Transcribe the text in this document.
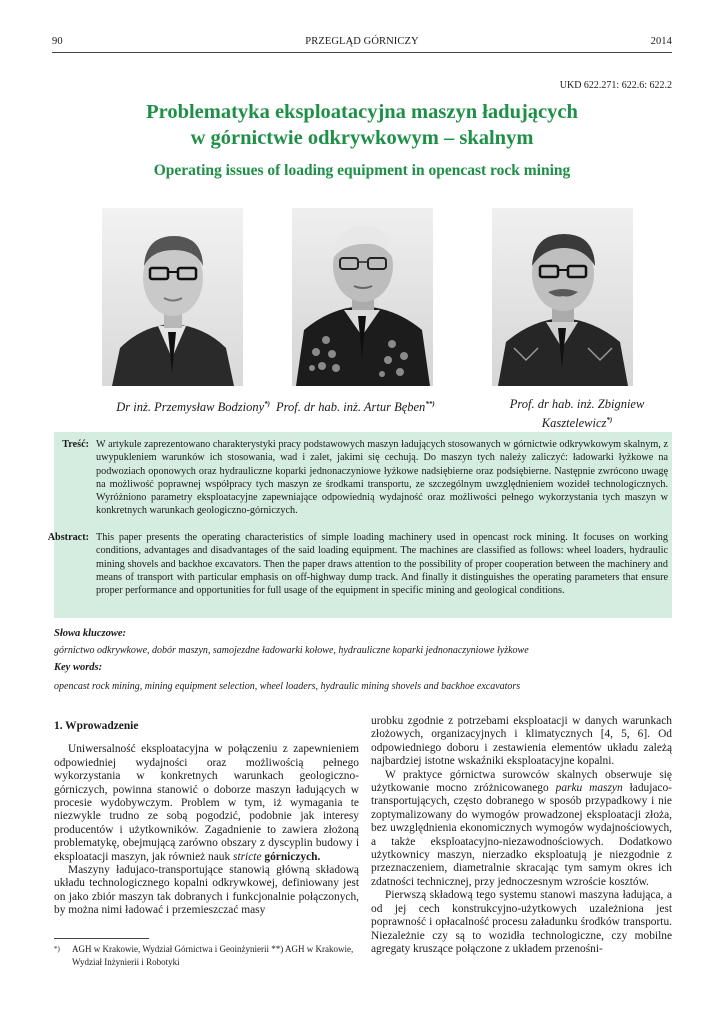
90	PRZEGLĄD GÓRNICZY	2014
UKD 622.271: 622.6: 622.2
Problematyka eksploatacyjna maszyn ładujących
w górnictwie odkrywkowym – skalnym
Operating issues of loading equipment in opencast rock mining
Dr inż. Przemysław Bodziony*) Prof. dr hab. inż. Artur Bęben**)	Prof. dr hab. inż. Zbigniew
Kasztelewicz*)
Treść: W artykule zaprezentowano charakterystyki pracy podstawowych maszyn ładujących stosowanych w górnictwie odkrywkowym skalnym, z uwypukleniem warunków ich stosowania, wad i zalet, jakimi się cechują. Do maszyn tych należy zaliczyć: ładowarki łyżkowe na podwoziach oponowych oraz hydrauliczne koparki jednonaczyniowe łyżkowe nadsiębierne oraz podsiębierne. Następnie zwrócono uwagę na możliwość poprawnej współpracy tych maszyn ze środkami transportu, ze szczególnym uwzględnieniem wozideł technologicznych. Wyróżniono parametry eksploatacyjne zapewniające odpowiednią wydajność oraz możliwości pełnego wykorzystania tych maszyn w konkretnych warunkach geologiczno-górniczych.
Abstract: This paper presents the operating characteristics of simple loading machinery used in opencast rock mining. It focuses on working conditions, advantages and disadvantages of the said loading equipment. The machines are classified as follows: wheel loaders, hydraulic mining shovels and backhoe excavators. Then the paper draws attention to the possibility of proper cooperation between the machinery and means of transport with particular emphasis on off-highway dump track. And finally it distinguishes the operating parameters that ensure proper performance and opportunities for full usage of the equipment in specific mining and geological conditions.
Słowa kluczowe:
górnictwo odkrywkowe, dobór maszyn, samojezdne ładowarki kołowe, hydrauliczne koparki jednonaczyniowe łyżkowe
Key words:
opencast rock mining, mining equipment selection, wheel loaders, hydraulic mining shovels and backhoe excavators

1. Wprowadzenie

Uniwersalność eksploatacyjna w połączeniu z zapewnieniem odpowiedniej wydajności oraz możliwością pełnego wykorzystania w konkretnych warunkach geologiczno-górniczych, powinna stanowić o doborze maszyn ładujących w procesie wydobywczym. Problem w tym, iż wymagania te niezwykle trudno ze sobą pogodzić, podobnie jak interesy producentów i użytkowników. Zagadnienie to zawiera złożoną problematykę, obejmującą zarówno obszary z dyscyplin budowy i eksploatacji maszyn, jak również nauk stricte górniczych.

Maszyny ładujaco-transportujące stanowią główną składową układu technologicznego kopalni odkrywkowej, definiowany jest on jako zbiór maszyn tak dobranych i funkcjonalnie połączonych, by można nimi ładować i przemieszczać masy

urobku zgodnie z potrzebami eksploatacji w danych warunkach złożowych, organizacyjnych i klimatycznych [4, 5, 6]. Od odpowiedniego doboru i zestawienia elementów układu zależą najbardziej istotne wskaźniki eksploatacyjne kopalni.

W praktyce górnictwa surowców skalnych obserwuje się użytkowanie mocno zróżnicowanego parku maszyn ładujaco-transportujących, często dobranego w sposób przypadkowy i nie zoptymalizowany do wymogów prowadzonej eksploatacji złoża, bez uwzględnienia ekonomicznych wymogów wydajnościowych, a także eksploatacyjno-niezawodnościowych. Dodatkowo użytkownicy maszyn, nierzadko eksploatują je niezgodnie z przeznaczeniem, diametralnie skracając tym samym okres ich zdatności technicznej, przy jednoczesnym wzroście kosztów.

Pierwszą składową tego systemu stanowi maszyna ładująca, a od jej cech konstrukcyjno-użytkowych uzależniona jest poprawność i opłacalność procesu załadunku środków transportu. Niezależnie czy są to wozidła technologiczne, czy mobilne agregaty kruszące połączone z układem przenośni-

*) AGH w Krakowie, Wydział Górnictwa i Geoinżynierii **) AGH w Krakowie, Wydział Inżynierii i Robotyki
